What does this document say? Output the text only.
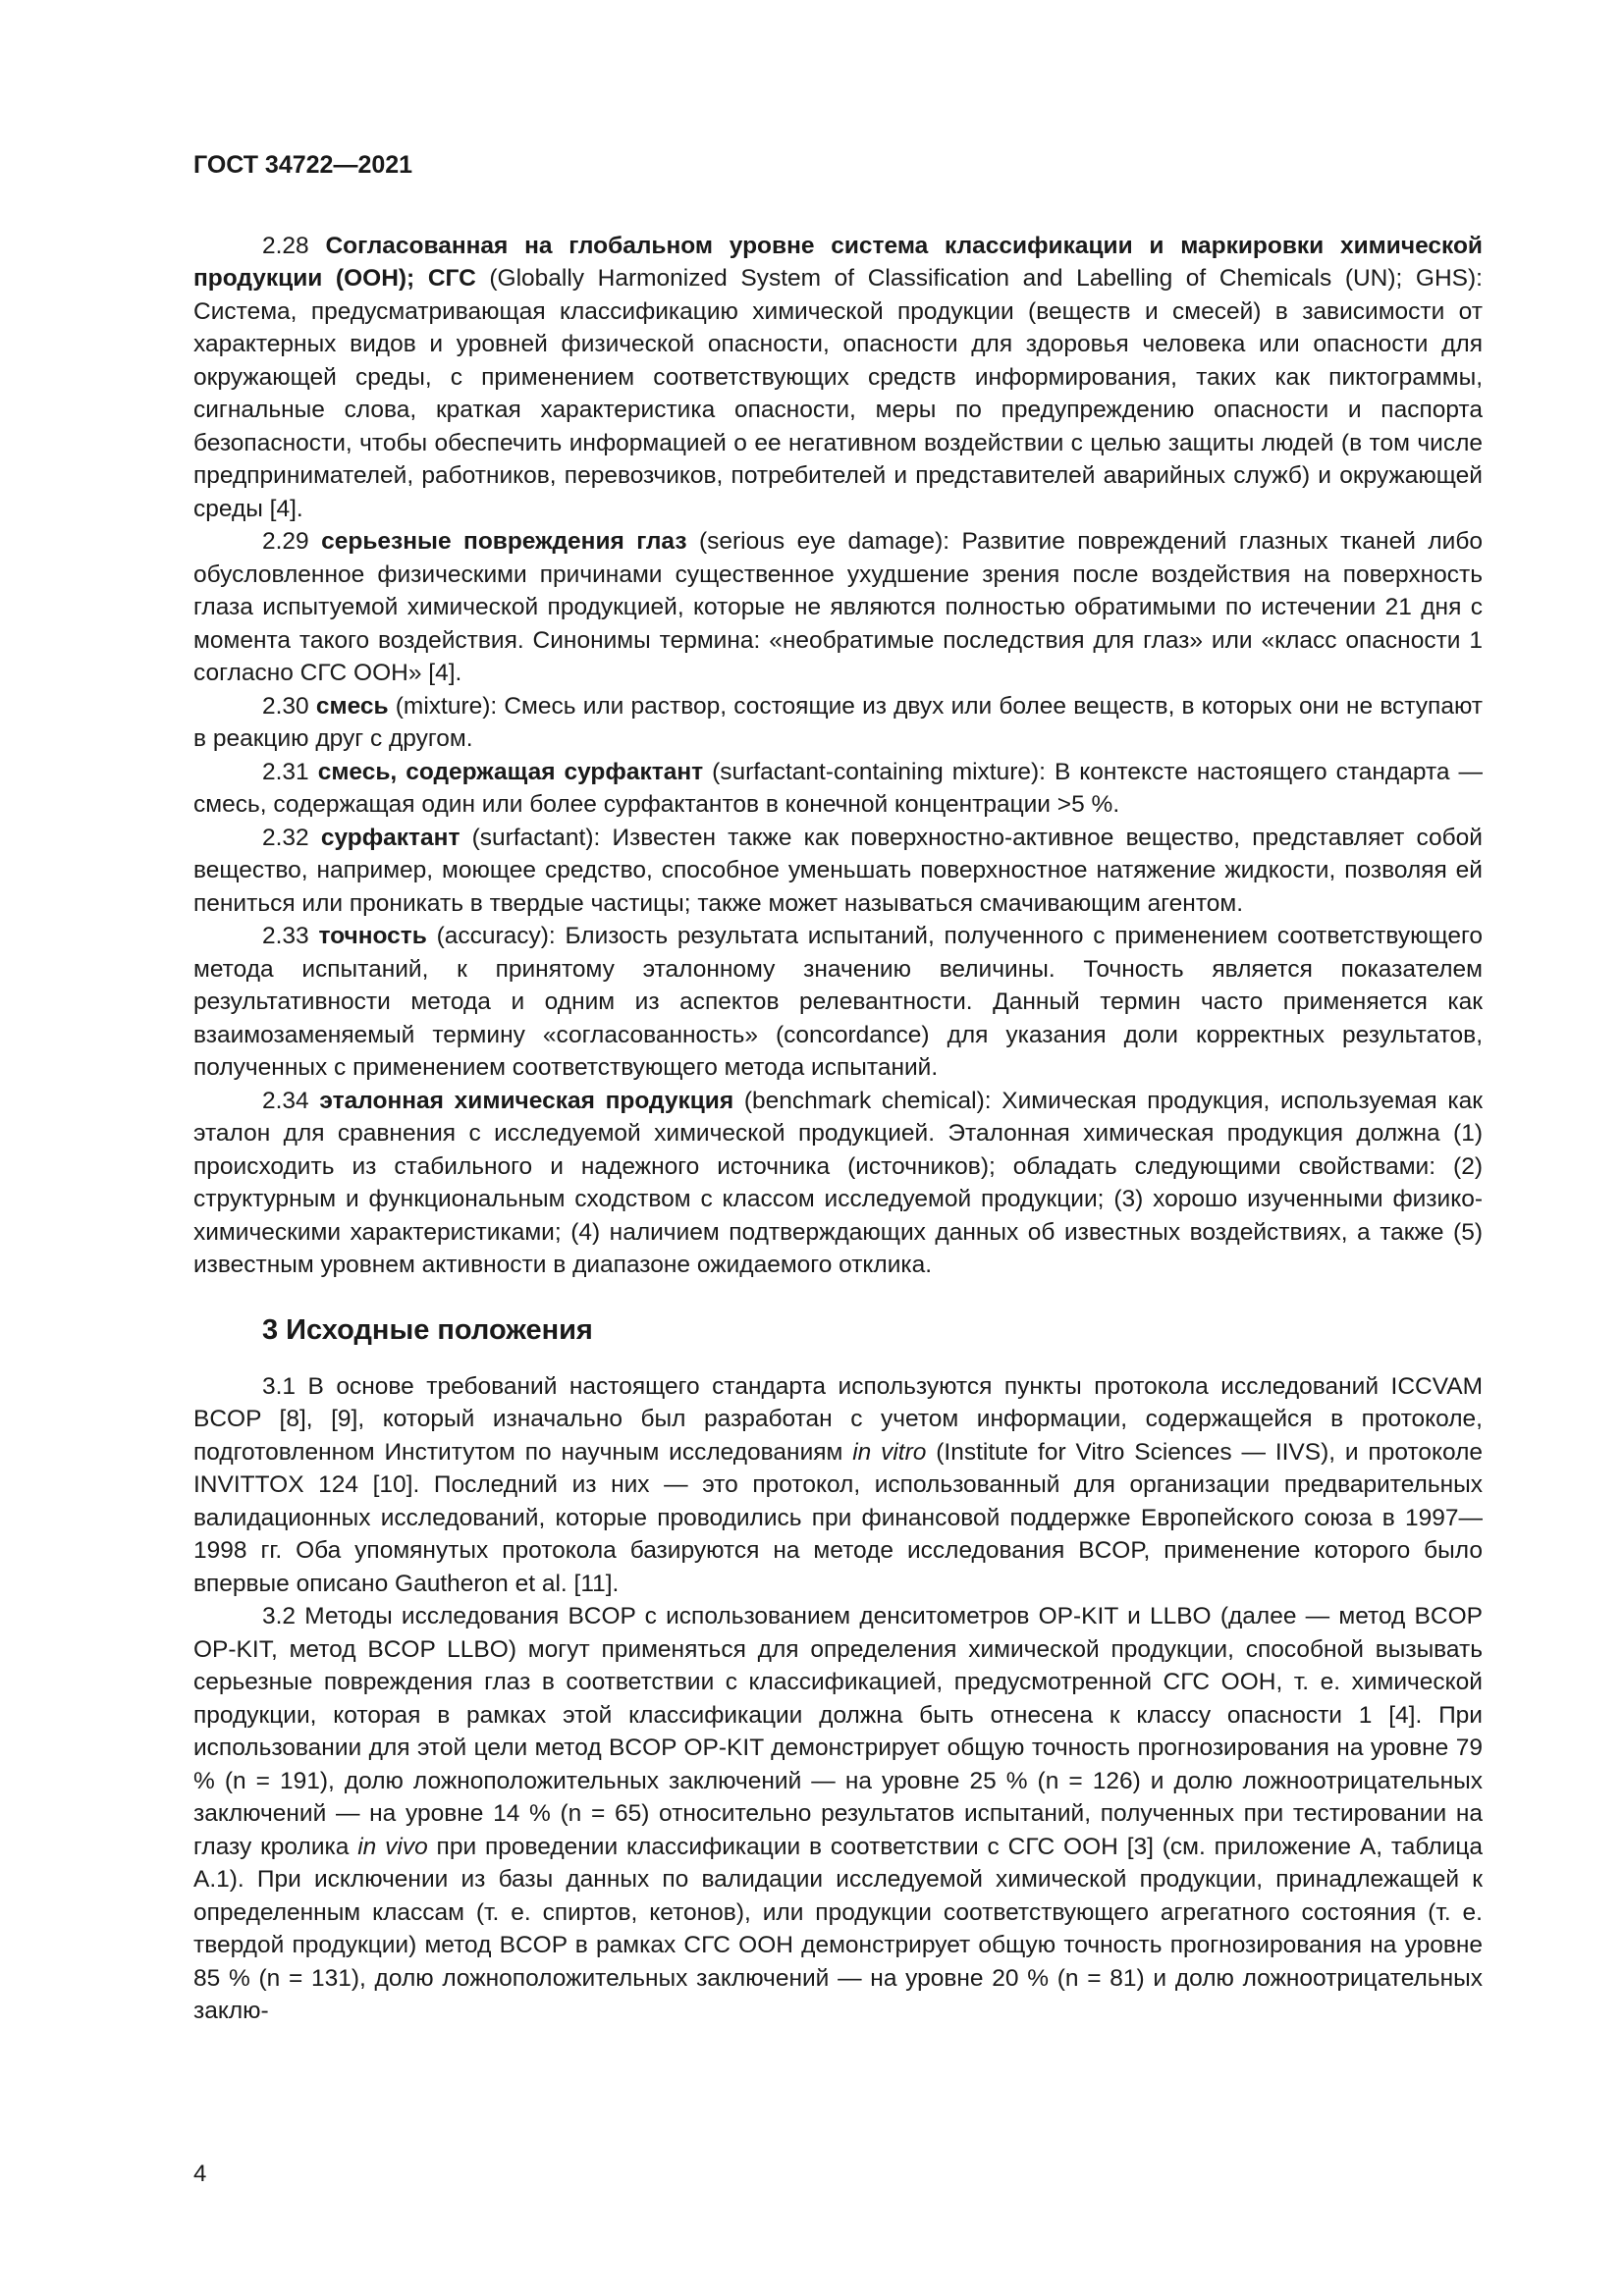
ГОСТ 34722—2021

2.28 Согласованная на глобальном уровне система классификации и маркировки химической продукции (ООН); СГС (Globally Harmonized System of Classification and Labelling of Chemicals (UN); GHS): Система, предусматривающая классификацию химической продукции (веществ и смесей) в зависимости от характерных видов и уровней физической опасности, опасности для здоровья человека или опасности для окружающей среды, с применением соответствующих средств информирования, таких как пиктограммы, сигнальные слова, краткая характеристика опасности, меры по предупреждению опасности и паспорта безопасности, чтобы обеспечить информацией о ее негативном воздействии с целью защиты людей (в том числе предпринимателей, работников, перевозчиков, потребителей и представителей аварийных служб) и окружающей среды [4].

2.29 серьезные повреждения глаз (serious eye damage): Развитие повреждений глазных тканей либо обусловленное физическими причинами существенное ухудшение зрения после воздействия на поверхность глаза испытуемой химической продукцией, которые не являются полностью обратимыми по истечении 21 дня с момента такого воздействия. Синонимы термина: «необратимые последствия для глаз» или «класс опасности 1 согласно СГС ООН» [4].

2.30 смесь (mixture): Смесь или раствор, состоящие из двух или более веществ, в которых они не вступают в реакцию друг с другом.

2.31 смесь, содержащая сурфактант (surfactant-containing mixture): В контексте настоящего стандарта — смесь, содержащая один или более сурфактантов в конечной концентрации >5 %.

2.32 сурфактант (surfactant): Известен также как поверхностно-активное вещество, представляет собой вещество, например, моющее средство, способное уменьшать поверхностное натяжение жидкости, позволяя ей пениться или проникать в твердые частицы; также может называться смачивающим агентом.

2.33 точность (accuracy): Близость результата испытаний, полученного с применением соответствующего метода испытаний, к принятому эталонному значению величины. Точность является показателем результативности метода и одним из аспектов релевантности. Данный термин часто применяется как взаимозаменяемый термину «согласованность» (concordance) для указания доли корректных результатов, полученных с применением соответствующего метода испытаний.

2.34 эталонная химическая продукция (benchmark chemical): Химическая продукция, используемая как эталон для сравнения с исследуемой химической продукцией. Эталонная химическая продукция должна (1) происходить из стабильного и надежного источника (источников); обладать следующими свойствами: (2) структурным и функциональным сходством с классом исследуемой продукции; (3) хорошо изученными физико-химическими характеристиками; (4) наличием подтверждающих данных об известных воздействиях, а также (5) известным уровнем активности в диапазоне ожидаемого отклика.

3 Исходные положения

3.1 В основе требований настоящего стандарта используются пункты протокола исследований ICCVAM BCOP [8], [9], который изначально был разработан с учетом информации, содержащейся в протоколе, подготовленном Институтом по научным исследованиям in vitro (Institute for Vitro Sciences — IIVS), и протоколе INVITTOX 124 [10]. Последний из них — это протокол, использованный для организации предварительных валидационных исследований, которые проводились при финансовой поддержке Европейского союза в 1997—1998 гг. Оба упомянутых протокола базируются на методе исследования BCOP, применение которого было впервые описано Gautheron et al. [11].

3.2 Методы исследования BCOP с использованием денситометров OP-KIT и LLBO (далее — метод BCOP OP-KIT, метод BCOP LLBO) могут применяться для определения химической продукции, способной вызывать серьезные повреждения глаз в соответствии с классификацией, предусмотренной СГС ООН, т. е. химической продукции, которая в рамках этой классификации должна быть отнесена к классу опасности 1 [4]. При использовании для этой цели метод BCOP OP-KIT демонстрирует общую точность прогнозирования на уровне 79 % (n = 191), долю ложноположительных заключений — на уровне 25 % (n = 126) и долю ложноотрицательных заключений — на уровне 14 % (n = 65) относительно результатов испытаний, полученных при тестировании на глазу кролика in vivo при проведении классификации в соответствии с СГС ООН [3] (см. приложение А, таблица А.1). При исключении из базы данных по валидации исследуемой химической продукции, принадлежащей к определенным классам (т. е. спиртов, кетонов), или продукции соответствующего агрегатного состояния (т. е. твердой продукции) метод BCOP в рамках СГС ООН демонстрирует общую точность прогнозирования на уровне 85 % (n = 131), долю ложноположительных заключений — на уровне 20 % (n = 81) и долю ложноотрицательных заклю-

4
